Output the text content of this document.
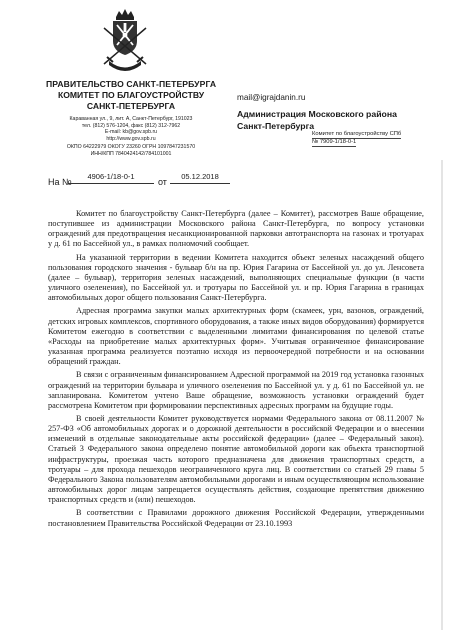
ПРАВИТЕЛЬСТВО САНКТ-ПЕТЕРБУРГА
КОМИТЕТ ПО БЛАГОУСТРОЙСТВУ
САНКТ-ПЕТЕРБУРГА
Караванная ул., 9, лит. А, Санкт-Петербург, 191023
тел. (812) 576-1204, факс (812) 312-7962
E-mail: kb@gov.spb.ru
http://www.gov.spb.ru
ОКПО 64222979 ОКОГУ 23260 ОГРН 1097847231570
ИНН/КПП 7840424142/784101001
На №
4906-1/18-0-1
от
05.12.2018
mail@igrajdanin.ru
Администрация Московского района
Санкт-Петербурга
Комитет по благоустройству СПб
№ 7909-1/18-0-1

Комитет по благоустройству Санкт-Петербурга (далее – Комитет), рассмотрев Ваше обращение, поступившее из администрации Московского района Санкт-Петербурга, по вопросу установки ограждений для предотвращения несанкционированной парковки автотранспорта на газонах и тротуарах у д. 61 по Бассейной ул., в рамках полномочий сообщает.

На указанной территории в ведении Комитета находится объект зеленых насаждений общего пользования городского значения - бульвар б/н на пр. Юрия Гагарина от Бассейной ул. до ул. Ленсовета (далее – бульвар), территория зеленых насаждений, выполняющих специальные функции (в части уличного озеленения), по Бассейной ул. и тротуары по Бассейной ул. и пр. Юрия Гагарина в границах автомобильных дорог общего пользования Санкт-Петербурга.

Адресная программа закупки малых архитектурных форм (скамеек, урн, вазонов, ограждений, детских игровых комплексов, спортивного оборудования, а также иных видов оборудования) формируется Комитетом ежегодно в соответствии с выделенными лимитами финансирования по целевой статье «Расходы на приобретение малых архитектурных форм». Учитывая ограниченное финансирование указанная программа реализуется поэтапно исходя из первоочередной потребности и на основании обращений граждан.

В связи с ограниченным финансированием Адресной программой на 2019 год установка газонных ограждений на территории бульвара и уличного озеленения по Бассейной ул. у д. 61 по Бассейной ул. не запланирована. Комитетом учтено Ваше обращение, возможность установки ограждений будет рассмотрена Комитетом при формировании перспективных адресных программ на будущие годы.

В своей деятельности Комитет руководствуется нормами Федерального закона от 08.11.2007 № 257-ФЗ «Об автомобильных дорогах и о дорожной деятельности в российской Федерации и о внесении изменений в отдельные законодательные акты российской федерации» (далее – Федеральный закон). Статьей 3 Федерального закона определено понятие автомобильной дороги как объекта транспортной инфраструктуры, проезжая часть которого предназначена для движения транспортных средств, а тротуары – для прохода пешеходов неограниченного круга лиц. В соответствии со статьей 29 главы 5 Федерального Закона пользователям автомобильными дорогами и иным осуществляющим использование автомобильных дорог лицам запрещается осуществлять действия, создающие препятствия движению транспортных средств и (или) пешеходов.

В соответствии с Правилами дорожного движения Российской Федерации, утвержденными постановлением Правительства Российской Федерации от 23.10.1993
